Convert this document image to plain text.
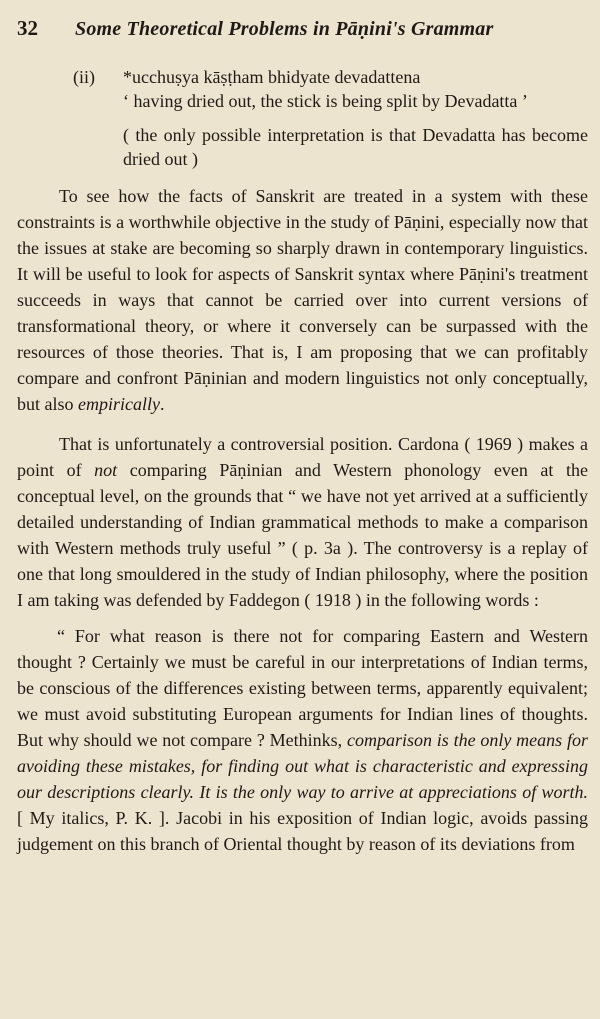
32	Some Theoretical Problems in Pāṇini's Grammar
(ii)	*ucchuṣya kāṣṭham bhidyate devadattena
‘ having dried out, the stick is being split by Devadatta ’
( the only possible interpretation is that Devadatta has become dried out )

To see how the facts of Sanskrit are treated in a system with these constraints is a worthwhile objective in the study of Pāṇini, especially now that the issues at stake are becoming so sharply drawn in contemporary linguistics. It will be useful to look for aspects of Sanskrit syntax where Pāṇini's treatment succeeds in ways that cannot be carried over into current versions of transformational theory, or where it conversely can be surpassed with the resources of those theories. That is, I am proposing that we can profitably compare and confront Pāṇinian and modern linguistics not only conceptually, but also empirically.

That is unfortunately a controversial position. Cardona ( 1969 ) makes a point of not comparing Pāṇinian and Western phonology even at the conceptual level, on the grounds that “ we have not yet arrived at a sufficiently detailed understanding of Indian grammatical methods to make a comparison with Western methods truly useful ” ( p. 3a ). The controversy is a replay of one that long smouldered in the study of Indian philosophy, where the position I am taking was defended by Faddegon ( 1918 ) in the following words :

“ For what reason is there not for comparing Eastern and Western thought ? Certainly we must be careful in our interpretations of Indian terms, be conscious of the differences existing between terms, apparently equivalent; we must avoid substituting European arguments for Indian lines of thoughts. But why should we not compare ? Methinks, comparison is the only means for avoiding these mistakes, for finding out what is characteristic and expressing our descriptions clearly. It is the only way to arrive at appreciations of worth. [ My italics, P. K. ]. Jacobi in his exposition of Indian logic, avoids passing judgement on this branch of Oriental thought by reason of its deviations from
